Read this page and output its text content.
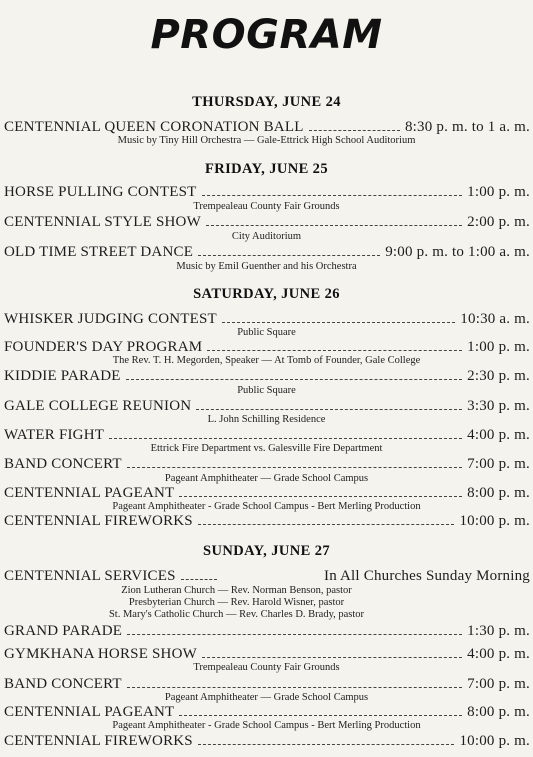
PROGRAM
THURSDAY, JUNE 24
CENTENNIAL QUEEN CORONATION BALL	8:30 p. m. to 1 a. m.
Music by Tiny Hill Orchestra — Gale-Ettrick High School Auditorium
FRIDAY, JUNE 25
HORSE PULLING CONTEST	1:00 p. m.
Trempealeau County Fair Grounds
CENTENNIAL STYLE SHOW	2:00 p. m.
City Auditorium
OLD TIME STREET DANCE	9:00 p. m. to 1:00 a. m.
Music by Emil Guenther and his Orchestra
SATURDAY, JUNE 26
WHISKER JUDGING CONTEST	10:30 a. m.
Public Square
FOUNDER'S DAY PROGRAM	1:00 p. m.
The Rev. T. H. Megorden, Speaker — At Tomb of Founder, Gale College
KIDDIE PARADE	2:30 p. m.
Public Square
GALE COLLEGE REUNION	3:30 p. m.
L. John Schilling Residence
WATER FIGHT	4:00 p. m.
Ettrick Fire Department vs. Galesville Fire Department
BAND CONCERT	7:00 p. m.
Pageant Amphitheater — Grade School Campus
CENTENNIAL PAGEANT	8:00 p. m.
Pageant Amphitheater - Grade School Campus - Bert Merling Production
CENTENNIAL FIREWORKS	10:00 p. m.
SUNDAY, JUNE 27
CENTENNIAL SERVICES	In All Churches Sunday Morning
Zion Lutheran Church — Rev. Norman Benson, pastor
Presbyterian Church — Rev. Harold Wisner, pastor
St. Mary's Catholic Church — Rev. Charles D. Brady, pastor
GRAND PARADE	1:30 p. m.
GYMKHANA HORSE SHOW	4:00 p. m.
Trempealeau County Fair Grounds
BAND CONCERT	7:00 p. m.
Pageant Amphitheater — Grade School Campus
CENTENNIAL PAGEANT	8:00 p. m.
Pageant Amphitheater - Grade School Campus - Bert Merling Production
CENTENNIAL FIREWORKS	10:00 p. m.
